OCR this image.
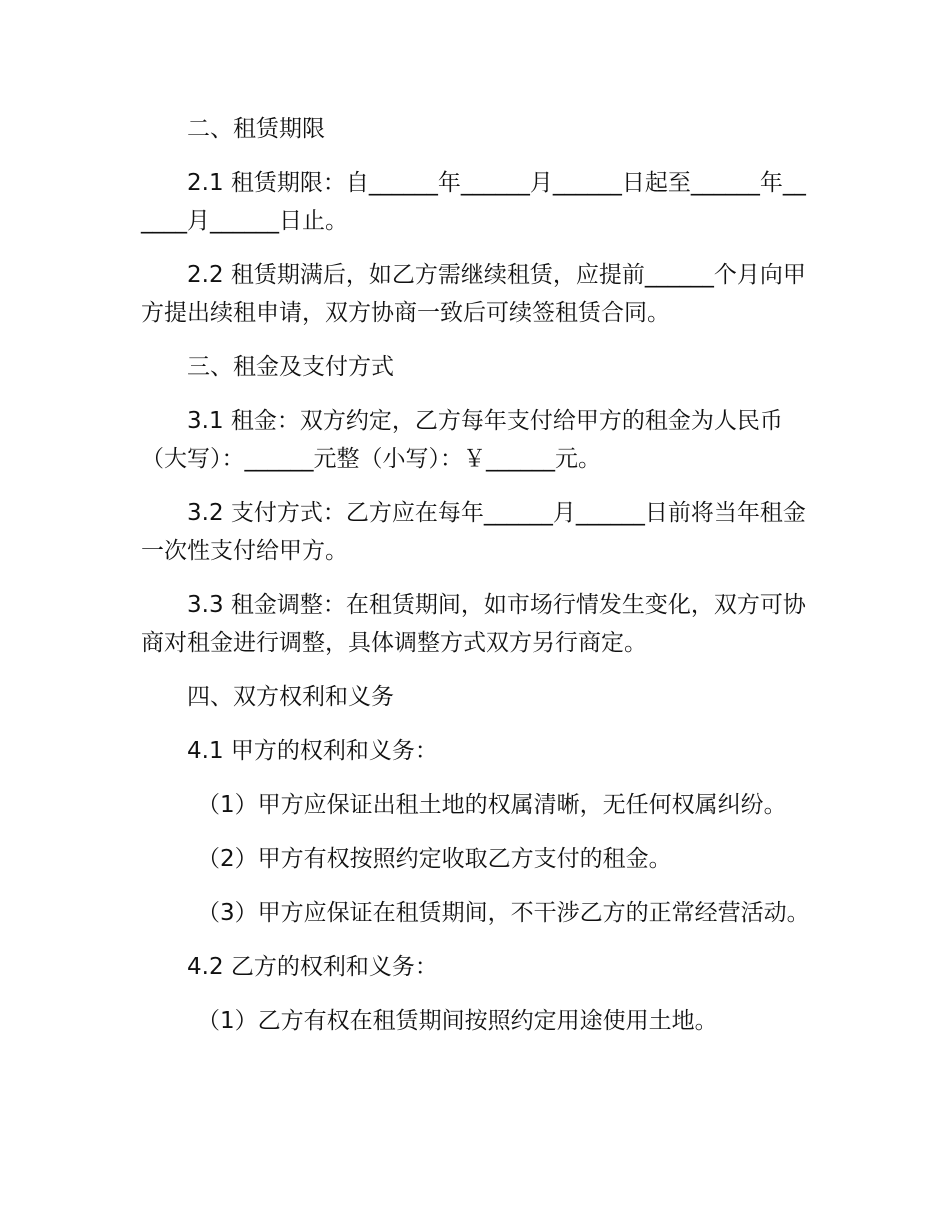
二、租赁期限

2.1 租赁期限：自______年______月______日起至______年______月______日止。

2.2 租赁期满后，如乙方需继续租赁，应提前______个月向甲方提出续租申请，双方协商一致后可续签租赁合同。

三、租金及支付方式

3.1 租金：双方约定，乙方每年支付给甲方的租金为人民币（大写）：______元整（小写）：￥______元。

3.2 支付方式：乙方应在每年______月______日前将当年租金一次性支付给甲方。

3.3 租金调整：在租赁期间，如市场行情发生变化，双方可协商对租金进行调整，具体调整方式双方另行商定。

四、双方权利和义务

4.1 甲方的权利和义务：

（1）甲方应保证出租土地的权属清晰，无任何权属纠纷。

（2）甲方有权按照约定收取乙方支付的租金。

（3）甲方应保证在租赁期间，不干涉乙方的正常经营活动。

4.2 乙方的权利和义务：

（1）乙方有权在租赁期间按照约定用途使用土地。
